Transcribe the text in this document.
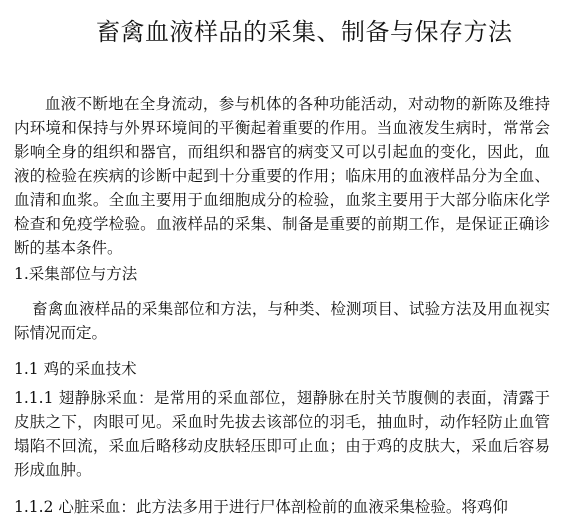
畜禽血液样品的采集、制备与保存方法

血液不断地在全身流动，参与机体的各种功能活动，对动物的新陈及维持内环境和保持与外界环境间的平衡起着重要的作用。当血液发生病时，常常会影响全身的组织和器官，而组织和器官的病变又可以引起血的变化，因此，血液的检验在疾病的诊断中起到十分重要的作用；临床用的血液样品分为全血、血清和血浆。全血主要用于血细胞成分的检验，血浆主要用于大部分临床化学检查和免疫学检验。血液样品的采集、制备是重要的前期工作，是保证正确诊断的基本条件。

1.采集部位与方法

畜禽血液样品的采集部位和方法，与种类、检测项目、试验方法及用血视实际情况而定。

1.1 鸡的采血技术

1.1.1 翅静脉采血：是常用的采血部位，翅静脉在肘关节腹侧的表面，清露于皮肤之下，肉眼可见。采血时先拔去该部位的羽毛，抽血时，动作轻防止血管塌陷不回流，采血后略移动皮肤轻压即可止血；由于鸡的皮肤大，采血后容易形成血肿。

1.1.2 心脏采血：此方法多用于进行尸体剖检前的血液采集检验。将鸡仰
